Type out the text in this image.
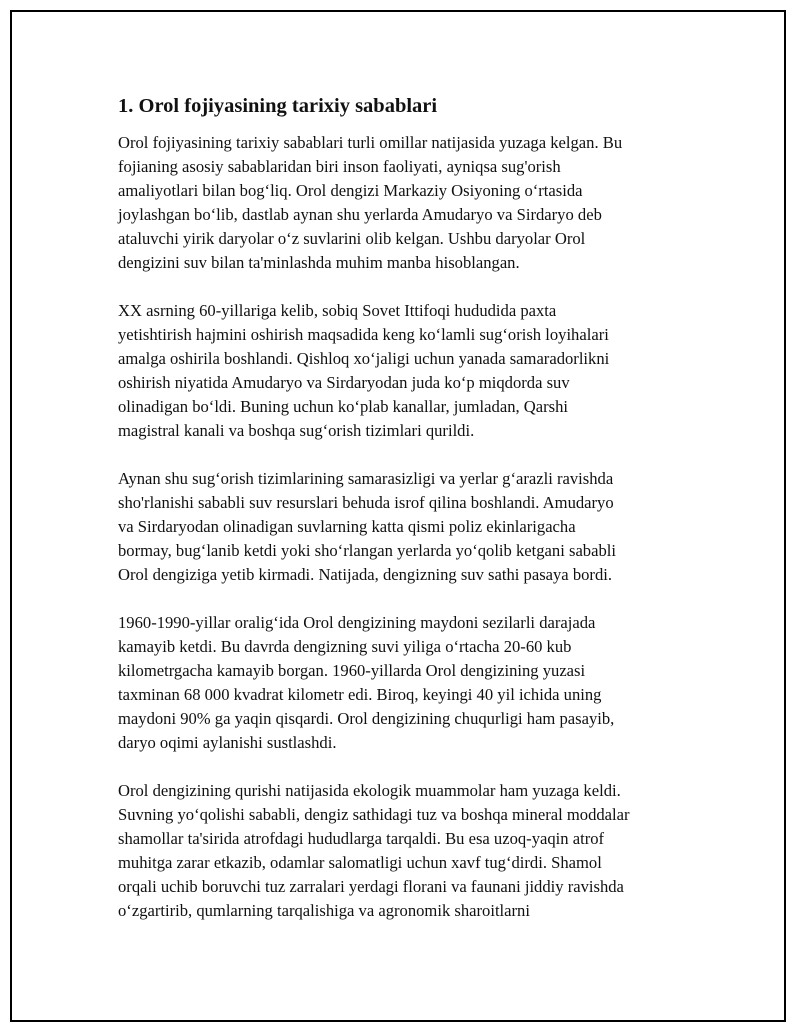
1. Orol fojiyasining tarixiy sabablari

Orol fojiyasining tarixiy sabablari turli omillar natijasida yuzaga kelgan. Bu
fojianing asosiy sabablaridan biri inson faoliyati, ayniqsa sug'orish
amaliyotlari bilan bog‘liq. Orol dengizi Markaziy Osiyoning o‘rtasida
joylashgan bo‘lib, dastlab aynan shu yerlarda Amudaryo va Sirdaryo deb
ataluvchi yirik daryolar o‘z suvlarini olib kelgan. Ushbu daryolar Orol
dengizini suv bilan ta'minlashda muhim manba hisoblangan.

XX asrning 60-yillariga kelib, sobiq Sovet Ittifoqi hududida paxta
yetishtirish hajmini oshirish maqsadida keng ko‘lamli sug‘orish loyihalari
amalga oshirila boshlandi. Qishloq xo‘jaligi uchun yanada samaradorlikni
oshirish niyatida Amudaryo va Sirdaryodan juda ko‘p miqdorda suv
olinadigan bo‘ldi. Buning uchun ko‘plab kanallar, jumladan, Qarshi
magistral kanali va boshqa sug‘orish tizimlari qurildi.

Aynan shu sug‘orish tizimlarining samarasizligi va yerlar g‘arazli ravishda
sho'rlanishi sababli suv resurslari behuda isrof qilina boshlandi. Amudaryo
va Sirdaryodan olinadigan suvlarning katta qismi poliz ekinlarigacha
bormay, bug‘lanib ketdi yoki sho‘rlangan yerlarda yo‘qolib ketgani sababli
Orol dengiziga yetib kirmadi. Natijada, dengizning suv sathi pasaya bordi.

1960-1990-yillar oralig‘ida Orol dengizining maydoni sezilarli darajada
kamayib ketdi. Bu davrda dengizning suvi yiliga o‘rtacha 20-60 kub
kilometrgacha kamayib borgan. 1960-yillarda Orol dengizining yuzasi
taxminan 68 000 kvadrat kilometr edi. Biroq, keyingi 40 yil ichida uning
maydoni 90% ga yaqin qisqardi. Orol dengizining chuqurligi ham pasayib,
daryo oqimi aylanishi sustlashdi.

Orol dengizining qurishi natijasida ekologik muammolar ham yuzaga keldi.
Suvning yo‘qolishi sababli, dengiz sathidagi tuz va boshqa mineral moddalar
shamollar ta'sirida atrofdagi hududlarga tarqaldi. Bu esa uzoq-yaqin atrof
muhitga zarar etkazib, odamlar salomatligi uchun xavf tug‘dirdi. Shamol
orqali uchib boruvchi tuz zarralari yerdagi florani va faunani jiddiy ravishda
o‘zgartirib, qumlarning tarqalishiga va agronomik sharoitlarni
